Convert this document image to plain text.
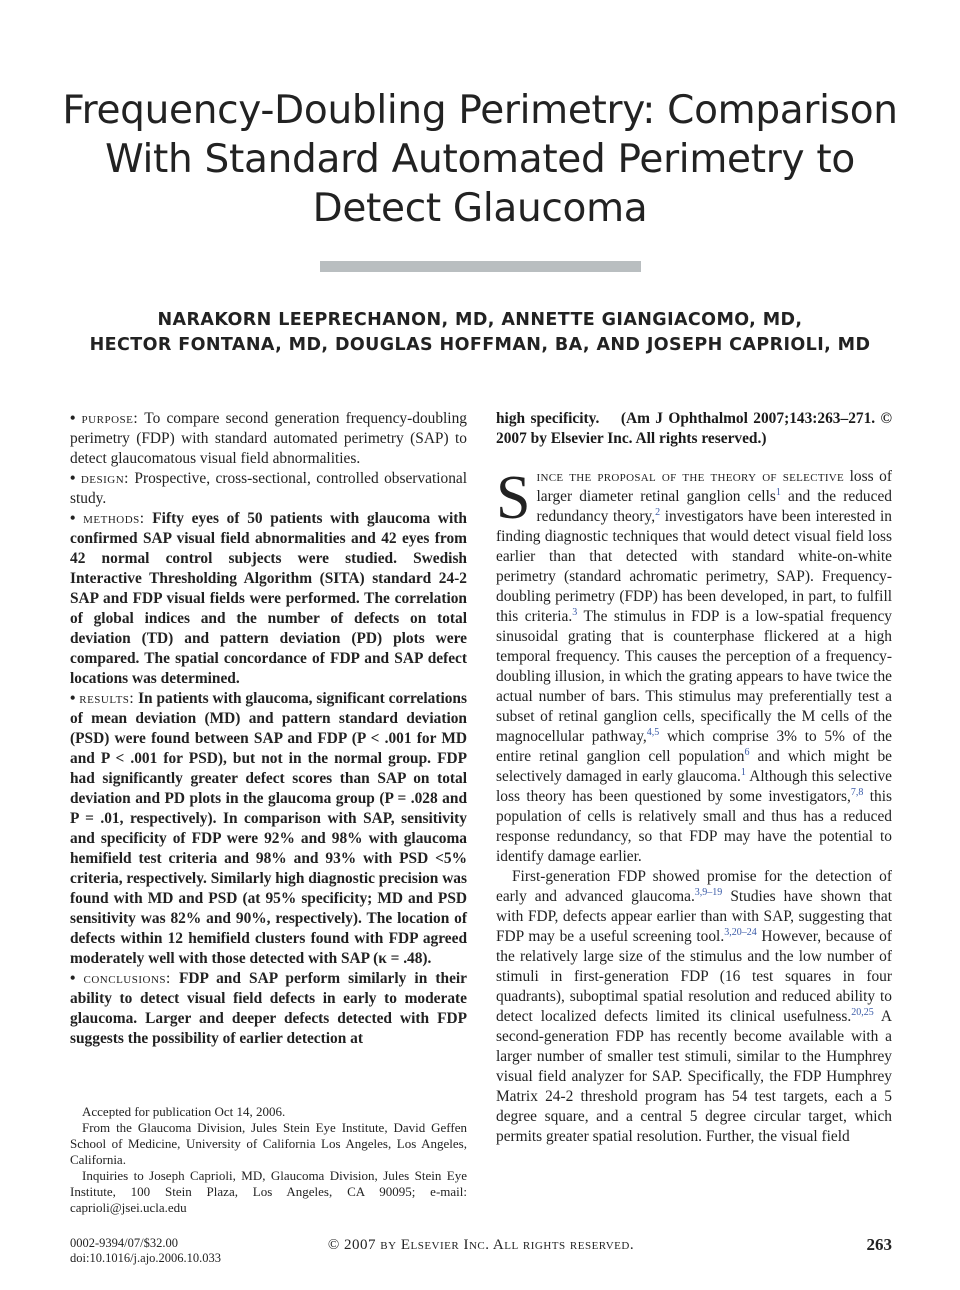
Frequency-Doubling Perimetry: Comparison With Standard Automated Perimetry to Detect Glaucoma
NARAKORN LEEPRECHANON, MD, ANNETTE GIANGIACOMO, MD,
HECTOR FONTANA, MD, DOUGLAS HOFFMAN, BA, AND JOSEPH CAPRIOLI, MD

• purpose: To compare second generation frequency-doubling perimetry (FDP) with standard automated perimetry (SAP) to detect glaucomatous visual field abnormalities.

• design: Prospective, cross-sectional, controlled observational study.

• methods: Fifty eyes of 50 patients with glaucoma with confirmed SAP visual field abnormalities and 42 eyes from 42 normal control subjects were studied. Swedish Interactive Thresholding Algorithm (SITA) standard 24-2 SAP and FDP visual fields were performed. The correlation of global indices and the number of defects on total deviation (TD) and pattern deviation (PD) plots were compared. The spatial concordance of FDP and SAP defect locations was determined.

• results: In patients with glaucoma, significant correlations of mean deviation (MD) and pattern standard deviation (PSD) were found between SAP and FDP (P < .001 for MD and P < .001 for PSD), but not in the normal group. FDP had significantly greater defect scores than SAP on total deviation and PD plots in the glaucoma group (P = .028 and P = .01, respectively). In comparison with SAP, sensitivity and specificity of FDP were 92% and 98% with glaucoma hemifield test criteria and 98% and 93% with PSD <5% criteria, respectively. Similarly high diagnostic precision was found with MD and PSD (at 95% specificity; MD and PSD sensitivity was 82% and 90%, respectively). The location of defects within 12 hemifield clusters found with FDP agreed moderately well with those detected with SAP (κ = .48).

• conclusions: FDP and SAP perform similarly in their ability to detect visual field defects in early to moderate glaucoma. Larger and deeper defects detected with FDP suggests the possibility of earlier detection at

high specificity. (Am J Ophthalmol 2007;143:263–271. © 2007 by Elsevier Inc. All rights reserved.)

Since the proposal of the theory of selective loss of larger diameter retinal ganglion cells$^1$ and the reduced redundancy theory,$^2$ investigators have been interested in finding diagnostic techniques that would detect visual field loss earlier than that detected with standard white-on-white perimetry (standard achromatic perimetry, SAP). Frequency-doubling perimetry (FDP) has been developed, in part, to fulfill this criteria.$^3$ The stimulus in FDP is a low-spatial frequency sinusoidal grating that is counterphase flickered at a high temporal frequency. This causes the perception of a frequency-doubling illusion, in which the grating appears to have twice the actual number of bars. This stimulus may preferentially test a subset of retinal ganglion cells, specifically the M cells of the magnocellular pathway,$^{4,5}$ which comprise 3% to 5% of the entire retinal ganglion cell population$^6$ and which might be selectively damaged in early glaucoma.$^1$ Although this selective loss theory has been questioned by some investigators,$^{7,8}$ this population of cells is relatively small and thus has a reduced response redundancy, so that FDP may have the potential to identify damage earlier.

First-generation FDP showed promise for the detection of early and advanced glaucoma.$^{3,9-19}$ Studies have shown that with FDP, defects appear earlier than with SAP, suggesting that FDP may be a useful screening tool.$^{3,20-24}$ However, because of the relatively large size of the stimulus and the low number of stimuli in first-generation FDP (16 test squares in four quadrants), suboptimal spatial resolution and reduced ability to detect localized defects limited its clinical usefulness.$^{20,25}$ A second-generation FDP has recently become available with a larger number of smaller test stimuli, similar to the Humphrey visual field analyzer for SAP. Specifically, the FDP Humphrey Matrix 24-2 threshold program has 54 test targets, each a 5 degree square, and a central 5 degree circular target, which permits greater spatial resolution. Further, the visual field

Accepted for publication Oct 14, 2006.

From the Glaucoma Division, Jules Stein Eye Institute, David Geffen School of Medicine, University of California Los Angeles, Los Angeles, California.

Inquiries to Joseph Caprioli, MD, Glaucoma Division, Jules Stein Eye Institute, 100 Stein Plaza, Los Angeles, CA 90095; e-mail: caprioli@jsei.ucla.edu

0002-9394/07/$32.00
doi:10.1016/j.ajo.2006.10.033
© 2007 by Elsevier Inc. All rights reserved.	263
